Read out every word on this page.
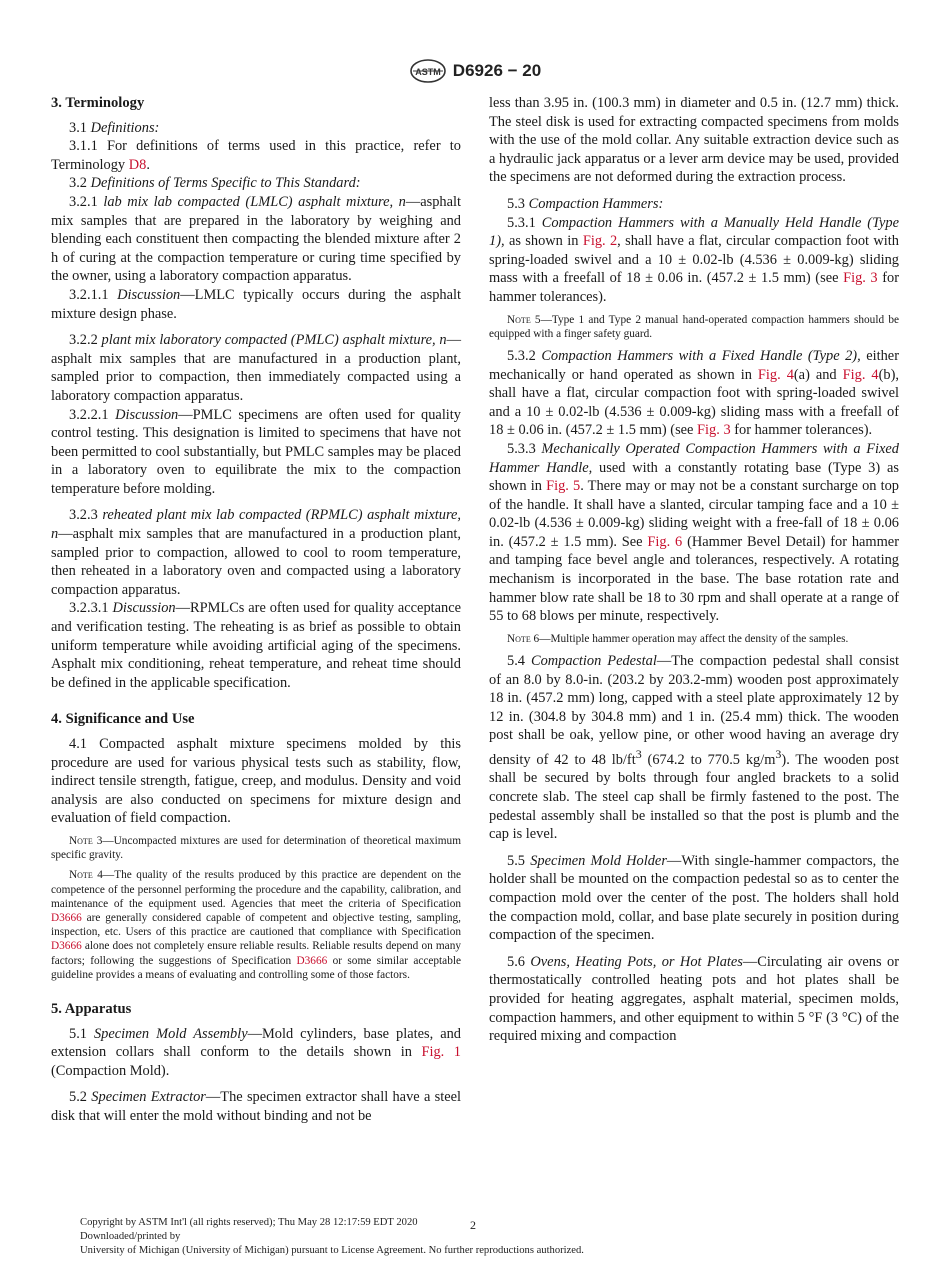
ASTM D6926 − 20
3. Terminology

3.1 Definitions:

3.1.1 For definitions of terms used in this practice, refer to Terminology D8.

3.2 Definitions of Terms Specific to This Standard:

3.2.1 lab mix lab compacted (LMLC) asphalt mixture, n—asphalt mix samples that are prepared in the laboratory by weighing and blending each constituent then compacting the blended mixture after 2 h of curing at the compaction temperature or curing time specified by the owner, using a laboratory compaction apparatus.

3.2.1.1 Discussion—LMLC typically occurs during the asphalt mixture design phase.

3.2.2 plant mix laboratory compacted (PMLC) asphalt mixture, n—asphalt mix samples that are manufactured in a production plant, sampled prior to compaction, then immediately compacted using a laboratory compaction apparatus.

3.2.2.1 Discussion—PMLC specimens are often used for quality control testing. This designation is limited to specimens that have not been permitted to cool substantially, but PMLC samples may be placed in a laboratory oven to equilibrate the mix to the compaction temperature before molding.

3.2.3 reheated plant mix lab compacted (RPMLC) asphalt mixture, n—asphalt mix samples that are manufactured in a production plant, sampled prior to compaction, allowed to cool to room temperature, then reheated in a laboratory oven and compacted using a laboratory compaction apparatus.

3.2.3.1 Discussion—RPMLCs are often used for quality acceptance and verification testing. The reheating is as brief as possible to obtain uniform temperature while avoiding artificial aging of the specimens. Asphalt mix conditioning, reheat temperature, and reheat time should be defined in the applicable specification.

4. Significance and Use

4.1 Compacted asphalt mixture specimens molded by this procedure are used for various physical tests such as stability, flow, indirect tensile strength, fatigue, creep, and modulus. Density and void analysis are also conducted on specimens for mixture design and evaluation of field compaction.

Note 3—Uncompacted mixtures are used for determination of theoretical maximum specific gravity.
Note 4—The quality of the results produced by this practice are dependent on the competence of the personnel performing the procedure and the capability, calibration, and maintenance of the equipment used. Agencies that meet the criteria of Specification D3666 are generally considered capable of competent and objective testing, sampling, inspection, etc. Users of this practice are cautioned that compliance with Specification D3666 alone does not completely ensure reliable results. Reliable results depend on many factors; following the suggestions of Specification D3666 or some similar acceptable guideline provides a means of evaluating and controlling some of those factors.
5. Apparatus

5.1 Specimen Mold Assembly—Mold cylinders, base plates, and extension collars shall conform to the details shown in Fig. 1 (Compaction Mold).

5.2 Specimen Extractor—The specimen extractor shall have a steel disk that will enter the mold without binding and not be

less than 3.95 in. (100.3 mm) in diameter and 0.5 in. (12.7 mm) thick. The steel disk is used for extracting compacted specimens from molds with the use of the mold collar. Any suitable extraction device such as a hydraulic jack apparatus or a lever arm device may be used, provided the specimens are not deformed during the extraction process.

5.3 Compaction Hammers:

5.3.1 Compaction Hammers with a Manually Held Handle (Type 1), as shown in Fig. 2, shall have a flat, circular compaction foot with spring-loaded swivel and a 10 ± 0.02-lb (4.536 ± 0.009-kg) sliding mass with a freefall of 18 ± 0.06 in. (457.2 ± 1.5 mm) (see Fig. 3 for hammer tolerances).

Note 5—Type 1 and Type 2 manual hand-operated compaction hammers should be equipped with a finger safety guard.

5.3.2 Compaction Hammers with a Fixed Handle (Type 2), either mechanically or hand operated as shown in Fig. 4(a) and Fig. 4(b), shall have a flat, circular compaction foot with spring-loaded swivel and a 10 ± 0.02-lb (4.536 ± 0.009-kg) sliding mass with a freefall of 18 ± 0.06 in. (457.2 ± 1.5 mm) (see Fig. 3 for hammer tolerances).

5.3.3 Mechanically Operated Compaction Hammers with a Fixed Hammer Handle, used with a constantly rotating base (Type 3) as shown in Fig. 5. There may or may not be a constant surcharge on top of the handle. It shall have a slanted, circular tamping face and a 10 ± 0.02-lb (4.536 ± 0.009-kg) sliding weight with a free-fall of 18 ± 0.06 in. (457.2 ± 1.5 mm). See Fig. 6 (Hammer Bevel Detail) for hammer and tamping face bevel angle and tolerances, respectively. A rotating mechanism is incorporated in the base. The base rotation rate and hammer blow rate shall be 18 to 30 rpm and shall operate at a range of 55 to 68 blows per minute, respectively.

Note 6—Multiple hammer operation may affect the density of the samples.

5.4 Compaction Pedestal—The compaction pedestal shall consist of an 8.0 by 8.0-in. (203.2 by 203.2-mm) wooden post approximately 18 in. (457.2 mm) long, capped with a steel plate approximately 12 by 12 in. (304.8 by 304.8 mm) and 1 in. (25.4 mm) thick. The wooden post shall be oak, yellow pine, or other wood having an average dry density of 42 to 48 $lb/ft^3$ (674.2 to 770.5 $kg/m^3$). The wooden post shall be secured by bolts through four angled brackets to a solid concrete slab. The steel cap shall be firmly fastened to the post. The pedestal assembly shall be installed so that the post is plumb and the cap is level.

5.5 Specimen Mold Holder—With single-hammer compactors, the holder shall be mounted on the compaction pedestal so as to center the compaction mold over the center of the post. The holders shall hold the compaction mold, collar, and base plate securely in position during compaction of the specimen.

5.6 Ovens, Heating Pots, or Hot Plates—Circulating air ovens or thermostatically controlled heating pots and hot plates shall be provided for heating aggregates, asphalt material, specimen molds, compaction hammers, and other equipment to within 5 °F (3 °C) of the required mixing and compaction

Copyright by ASTM Int'l (all rights reserved); Thu May 28 12:17:59 EDT 2020
Downloaded/printed by
University of Michigan (University of Michigan) pursuant to License Agreement. No further reproductions authorized.
2
